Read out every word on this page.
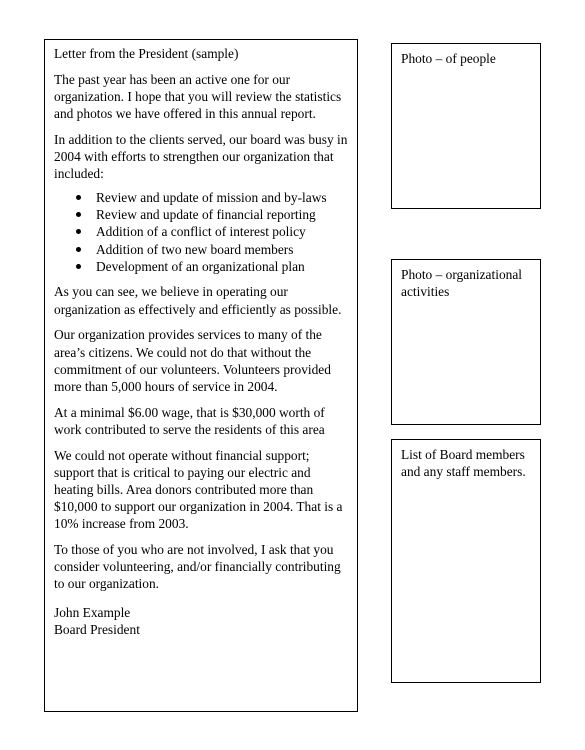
Letter from the President (sample)

The past year has been an active one for our organization. I hope that you will review the statistics and photos we have offered in this annual report.

In addition to the clients served, our board was busy in 2004 with efforts to strengthen our organization that included:

Review and update of mission and by-laws
Review and update of financial reporting
Addition of a conflict of interest policy
Addition of two new board members
Development of an organizational plan

As you can see, we believe in operating our organization as effectively and efficiently as possible.

Our organization provides services to many of the area’s citizens. We could not do that without the commitment of our volunteers. Volunteers provided more than 5,000 hours of service in 2004.

At a minimal $6.00 wage, that is $30,000 worth of work contributed to serve the residents of this area

We could not operate without financial support; support that is critical to paying our electric and heating bills. Area donors contributed more than $10,000 to support our organization in 2004. That is a 10% increase from 2003.

To those of you who are not involved, I ask that you consider volunteering, and/or financially contributing to our organization.

John Example
Board President
Photo – of people
Photo – organizational activities
List of Board members and any staff members.
